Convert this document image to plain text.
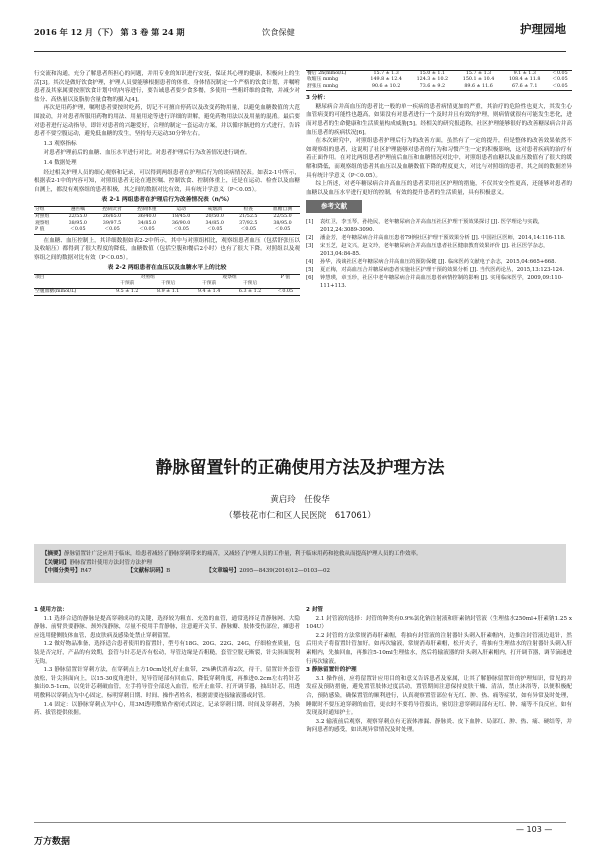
2016 年 12 月（下） 第 3 卷 第 24 期	饮食保健	护理园地

行交流和沟通，充分了解患者所担心的问题，并用专业的知识进行安抚，保证其心理的健康，积极向上的生活[3]。其次是做好饮食护理，护理人员要能够根据患者的体重、身体情况制定一个严格的饮食计划，并嘱咐患者及其家属要按照饮食计划中的内容进行，要告诫患者要少食多餐，多使用一些粗纤维的食物，并减少对盐分、高热量以及脂肪含量食物的摄入[4]。

再次是用药护理，嘱咐患者要按时吃药，切记不可擅自停药以及改变药物用量，以避免血糖数值的大范围波动，并对患者所服用药物的用法、用量用途等进行详细的讲解，避免药物用法以及用量的混淆。最后要对患者进行运动指导，即针对患者的兴趣爱好，合理的制定一套运动方案，并以循序渐进的方式进行，告诉患者不要空腹运动，避免低血糖的发生，坚持每天运动30分钟左右。

1.3 观察指标

对患者护理前后的血糖、血压水平进行对比。对患者护理后行为改善情况进行调查。

1.4 数据处理

经过相关护理人员的细心观察和记录，可以得到两组患者在护理后行为的谈病情况表。如表2-1中所示，根据表2-1中的内容可知，对照组患者无论在遵医嘱、控制饮食、控制体重上，还是在运动、检查以及血糖自测上，都没有观察组的患者积极，其之间的数据对比有效，具有统计学意义（P＜0.05）。

表 2-1 两组患者在护理后行为改善情况表（n/%）
分组	遵医嘱	控制饮食	控制体重	运动	戒烟酒	检查	血糖自测
对照组	22/55.0	26/65.0	36/40.0	18/45.0	20/50.0	21/52.5	22/55.0
观察组	38/95.0	39/97.5	34/85.0	36/90.0	34/85.0	37/92.5	38/95.0
P 值	＜0.05	＜0.05	＜0.05	＜0.05	＜0.05	＜0.05	＜0.05

在血糖、血压控制上，其详细数据如表2-2中所示，其中与对照组相比，观察组患者血压（包括舒张压以及收缩压）都得到了很大程度的降低，血糖数值（包括空腹和餐后2小时）也有了很大下降。对照组以及观察组之间的数据对比有效（P＜0.05）。

表 2-2 两组患者在血压以及血糖水平上的比较
项目	对照组		观察组		P 值
	干预前	干预后	干预前	干预后	
空腹血糖(mmol/L)	9.5 ± 1.2	8.9 ± 1.1	9.4 ± 1.4	6.3 ± 1.2	＜0.05
餐后 2h(mmol/L)	15.7 ± 1.3	15.0 ± 1.1	15.7 ± 1.3	9.1 ± 1.3	＜0.05
收缩压 mmhg	149.8 ± 12.4	124.3 ± 10.2	150.1 ± 10.4	108.4 ± 11.8	＜0.05
舒张压 mmhg	90.6 ± 10.2	73.6 ± 9.2	89.6 ± 11.6	67.6 ± 7.1	＜0.05

3 分析：

糖尿病合并高血压的患者比一般的单一疾病的患者病情更加的严重，其治疗的危险性也更大，其发生心血管病变的可能性也越高，如果没有对患者进行一个及时并且有效的护理，则病情就很有可能发生恶化，进而对患者的生命健康和生活质量构成威胁[5]。经相关的研究报道称，社区护理能够很好的改善糖尿病合并高血压患者的疾病状况[6]。

在本次研究中，对照组患者护理后行为的改善方面，虽然有了一定的提升，但是整体的改善效果依然不如观察组的患者，这说明了社区护理能够对患者的行为和习惯产生一定的积极影响，这对患者疾病的治疗有着正面作用。在对比两组患者护理前后血压和血糖情况对比中，对照组患者血糖以及血压数值有了很大的缓解和降低，而观察组的患者其血压以及血糖数值下降的程度更大，对比与对照组的患者，其之间的数据差异具有统计学意义（P＜0.05）。

综上所述，对老年糖尿病合并高血压的患者采用社区护理的措施，不仅其安全性更高，还能够对患者的血糖以及血压水平进行更好的控制，有效的提升患者的生活质量，具有积极意义。

参考文献
[1]	袁红卫，李玉琴，孙艳民，老年糖尿病合并高血压社区护理干预效果探讨 [J]. 医学理论与实践，2012,24:3089-3090.
[2]	潘金芳，老年糖尿病合并高血压患者79例社区护理干预效果分析 [J]. 中国社区医师，2014,14:116-118.
[3]	宋玉芝，赵文兴，赵文玲，老年糖尿病合并高血压患者社区健康教育效果评价 [J]. 社区医学杂志，2013,04:84-85.
[4]	孙华，浅谈社区老年糖尿病合并高血压的预防保健 [J]. 临床医药文献电子杂志，2015,04:665+668.
[5]	夏正梅，对高血压合并糖尿病患者实施社区护理干预的效果分析 [J]. 当代医药论丛，2015,13:123-124.
[6]	钟慧瑛，章玉珍，社区中老年糖尿病合并高血压患者病情控制的影响 [J]. 实用临床医学，2009,09:110-111+113.
静脉留置针的正确使用方法及护理方法
黄启玲　任俊华
（攀枝花市仁和区人民医院　617061）
【摘要】静脉留置针广泛应用于临床，给患者减轻了静脉穿刺带来的痛苦，又减轻了护理人员的工作量，利于临床用药和抢救从而提高护理人员的工作效率。
【关键词】静脉留置针使用方法封管方法护理
【中图分类号】R47	【文献标识码】B	【文章编号】2095—8439(2016)12—0103—02

1 使用方法：

1.1 选择合适的静脉是提高穿刺成功的关键，选择较为粗直、充盈的血管，通常选择足背静脉网、大隐静脉、前臂贵要静脉、颈外浅静脉，尽量不使用手背静脉，注意避开关节、静脉瓣、肢体受伤部位，瘫患者应选用健侧肢体血管，患皮肤病及感染处禁止穿刺留置。

1.2 做好物品准备，选择适合患者使用的留置针，型号有18G、20G、22G、24G，仔细检查质量，包装是否完好，产品的有效期，套管与针芯是否有松动，导管边缘是否粗糙，套管空脱无断裂，针尖斜面锐利无钩。

1.3 静脉留置针穿刺方法，在穿刺点上方10cm处扎好止血带，2%碘伏消毒2次，待干，留置针外套管放松，针尖斜面向上，以15-30度角进针，见导管尾部有回血后，降低穿刺角度，再推进0.2cm左右将针芯抽出0.5-1cm，以免针芯刺破血管，左手将导管全部送入血管，松开止血带、打开调节器，抽出针芯，用透明敷料以穿刺点为中心固定，标明穿刺日期、时间、操作者姓名，根据需要连接输液器或封管。

1.4 固定：以静脉穿刺点为中心，用3M透明敷贴作密闭式固定，记录穿刺日期、时间及穿刺者，为换药、拔管提供依据。

2 封管

2.1 封管液的选择：封管的种类有0.9%氯化钠注射液和肝素钠封管液（生理盐水250ml+肝素钠1.25 x 104U）

2.2 封管的方法常规消毒肝素帽，将抽有封管液的注射器针头刺入肝素帽内，边推注封管液边退针，然后用夹子将留置针管加好。如再次输液，常规消毒肝素帽，松开夹子，将抽有生理盐水的注射器针头刺入肝素帽内，先抽回血，再推注5-10ml生理盐水，然后将输液器的针头刺入肝素帽内，打开调节器，调节滴速进行再次输液。

3 静脉留置针的护理

3.1 操作前，应将留置针应用目的和意义告诉患者及家属，让其了解静脉留置针的护理知识，常见的并发症及预防措施，避免置管肢体过度活动，置管期间注意保持皮肤干燥、清洁，禁止沐浴等，以便积极配合，预防感染，确保置管的顺利进行，认真观察置管部位有无红、肿、热、痛等症状，如有异常及时处理，睡眠时不要压迫穿刺的血管，更衣时不要将导管拔出，密切注意穿刺局部有无红、肿、痛等不良反应，如有发现及时通知护士。

3.2 输液前后观察，观察穿刺点有无液体渗漏、静脉炎、皮下血肿、局部红、肿、热、痛、硬结等，并询问患者的感受，如出现异常情况及时处理。

— 103 —
万方数据
